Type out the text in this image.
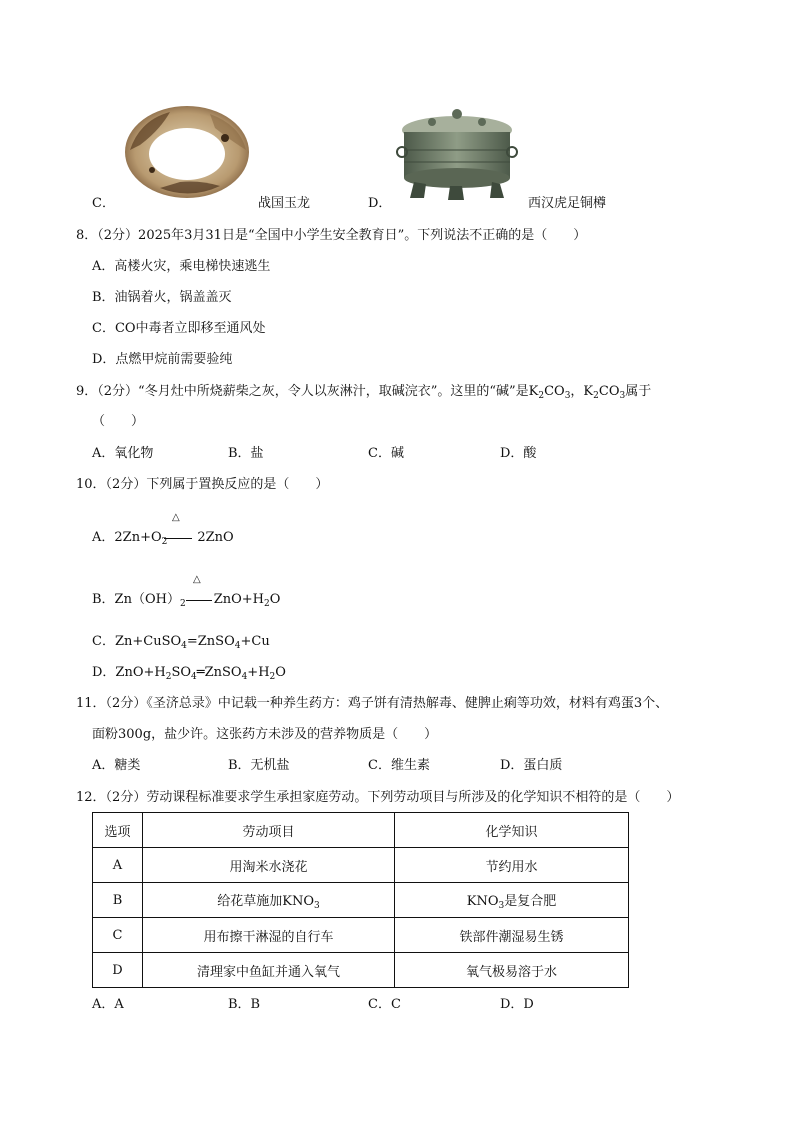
C．	战国玉龙	D．	西汉虎足铜樽
8．（2分）2025年3月31日是“全国中小学生安全教育日”。下列说法不正确的是（　　）
A．高楼火灾，乘电梯快速逃生
B．油锅着火，锅盖盖灭
C．CO中毒者立即移至通风处
D．点燃甲烷前需要验纯
9．（2分）“冬月灶中所烧薪柴之灰，令人以灰淋汁，取碱浣衣”。这里的“碱”是$K_2CO_3$，$K_2CO_3$属于
（　　）
A．氧化物	B．盐	C．碱	D．酸
10．（2分）下列属于置换反应的是（　　）
△
A．$2Zn+O_2$ 2ZnO
△
B．$Zn(OH)_2$ $ZnO+H_2O$
C．Zn+CuSO$_4$=ZnSO$_4$+Cu
D．$ZnO+H_2SO_4═ZnSO_4+H_2O$
11．（2分）《圣济总录》中记载一种养生药方：鸡子饼有清热解毒、健脾止痢等功效，材料有鸡蛋3个、
面粉300g，盐少许。这张药方未涉及的营养物质是（　　）
A．糖类	B．无机盐	C．维生素	D．蛋白质
12．（2分）劳动课程标准要求学生承担家庭劳动。下列劳动项目与所涉及的化学知识不相符的是（　　）
选项	劳动项目	化学知识
A	用淘米水浇花	节约用水
B	给花草施加$KNO_3$	$KNO_3$是复合肥
C	用布擦干淋湿的自行车	铁部件潮湿易生锈
D	清理家中鱼缸并通入氧气	氧气极易溶于水
A．A	B．B	C．C	D．D
